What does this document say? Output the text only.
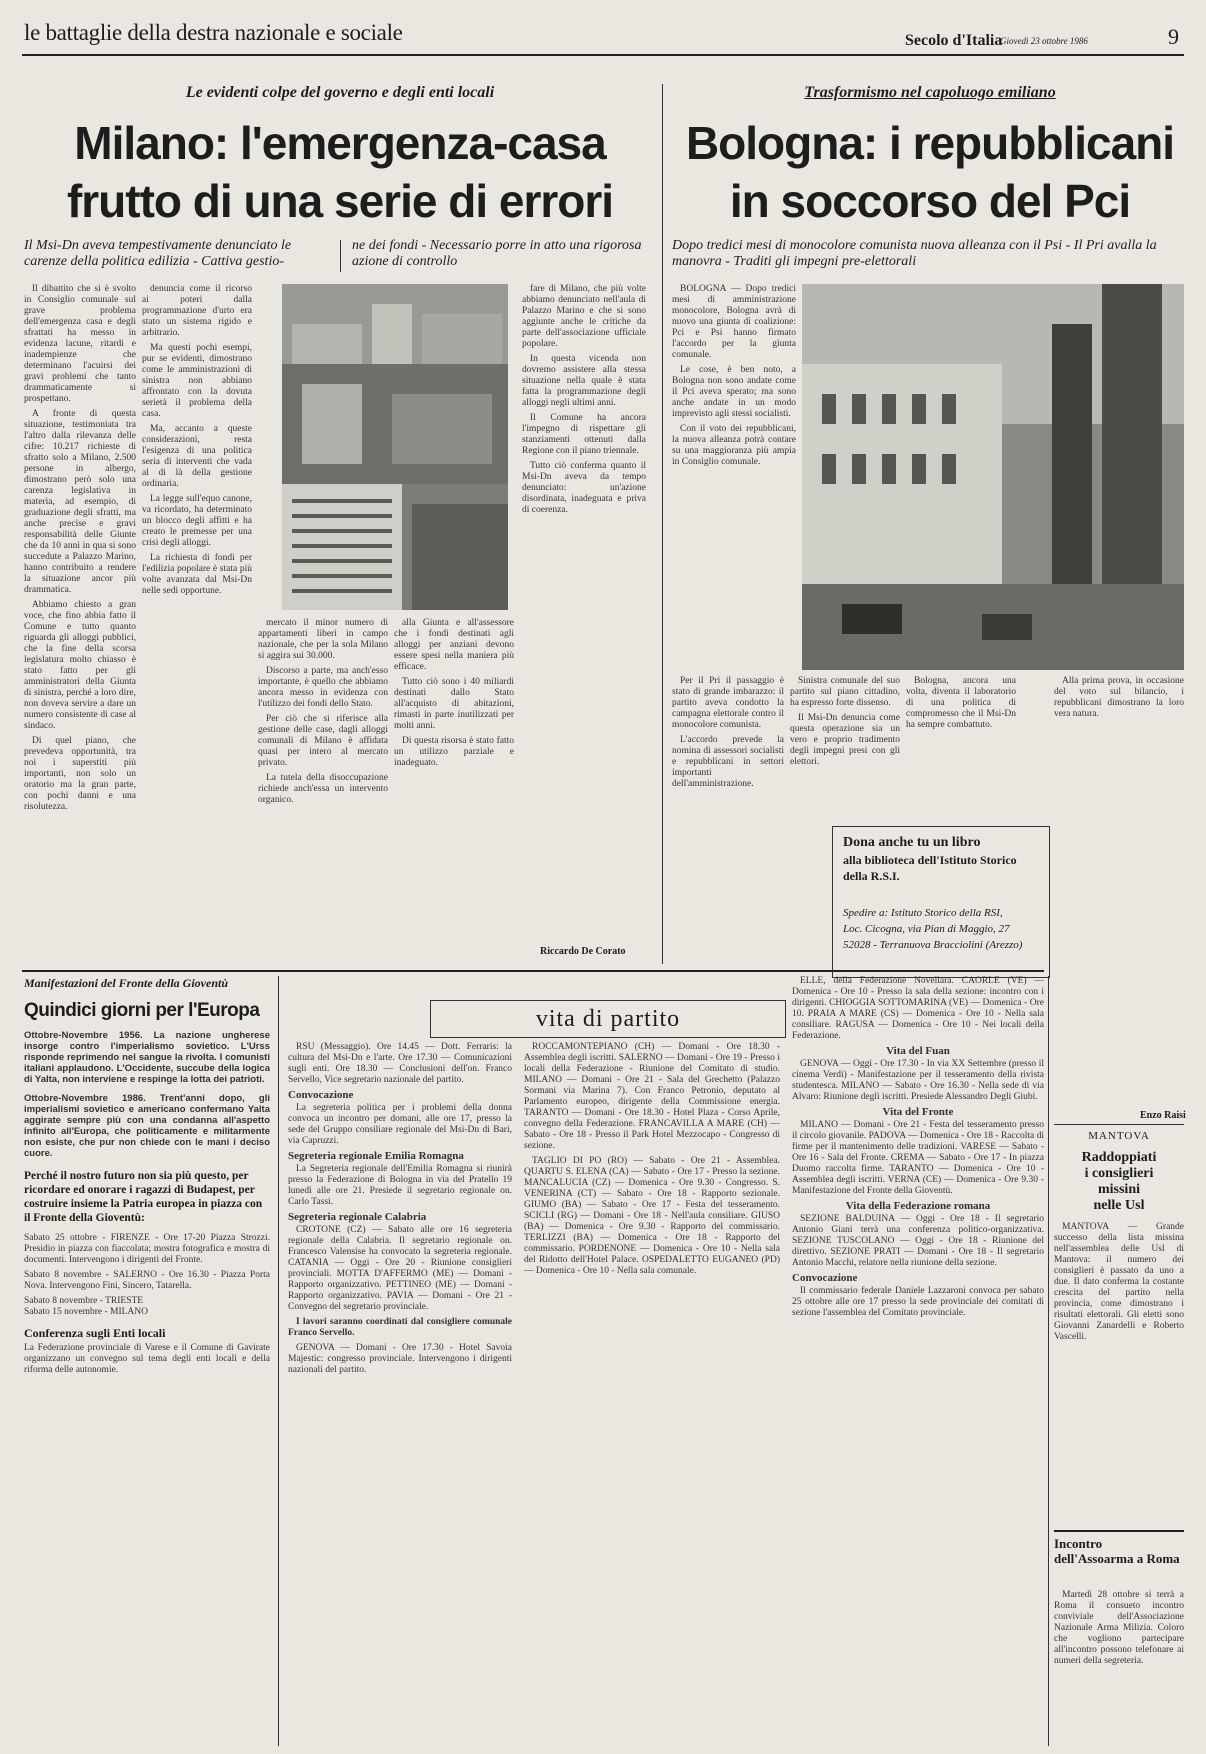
le battaglie della destra nazionale e sociale	Secolo d'Italia
Giovedì 23 ottobre 1986	9
Le evidenti colpe del governo e degli enti locali
Milano: l'emergenza-casa
frutto di una serie di errori
Il Msi-Dn aveva tempestivamente denunciato le carenze della politica edilizia - Cattiva gestio-
ne dei fondi - Necessario porre in atto una rigorosa azione di controllo

Il dibattito che si è svolto in Consiglio comunale sul grave problema dell'emergenza casa e degli sfrattati ha messo in evidenza lacune, ritardi e inadempienze che determinano l'acuirsi dei gravi problemi che tanto drammaticamente si prospettano.

A fronte di questa situazione, testimoniata tra l'altro dalla rilevanza delle cifre: 10.217 richieste di sfratto solo a Milano, 2.500 persone in albergo, dimostrano però solo una carenza legislativa in materia, ad esempio, di graduazione degli sfratti, ma anche precise e gravi responsabilità delle Giunte che da 10 anni in qua si sono succedute a Palazzo Marino, hanno contribuito a rendere la situazione ancor più drammatica.

Abbiamo chiesto a gran voce, che fino abbia fatto il Comune e tutto quanto riguarda gli alloggi pubblici, che la fine della scorsa legislatura molto chiasso è stato fatto per gli amministratori della Giunta di sinistra, perché a loro dire, non doveva servire a dare un numero consistente di case al sindaco.

Di quel piano, che prevedeva opportunità, tra noi i superstiti più importanti, non solo un oratorio ma la gran parte, con pochi danni e una risolutezza.

denuncia come il ricorso ai poteri dalla programmazione d'urto era stato un sistema rigido e arbitrario.

Ma questi pochi esempi, pur se evidenti, dimostrano come le amministrazioni di sinistra non abbiano affrontato con la dovuta serietà il problema della casa.

Ma, accanto a queste considerazioni, resta l'esigenza di una politica seria di interventi che vada al di là della gestione ordinaria.

La legge sull'equo canone, va ricordato, ha determinato un blocco degli affitti e ha creato le premesse per una crisi degli alloggi.

La richiesta di fondi per l'edilizia popolare è stata più volte avanzata dal Msi-Dn nelle sedi opportune.

mercato il minor numero di appartamenti liberi in campo nazionale, che per la sola Milano si aggira sui 30.000.

Discorso a parte, ma anch'esso importante, è quello che abbiamo ancora messo in evidenza con l'utilizzo dei fondi dello Stato.

Per ciò che si riferisce alla gestione delle case, dagli alloggi comunali di Milano è affidata quasi per intero al mercato privato.

La tutela della disoccupazione richiede anch'essa un intervento organico.

alla Giunta e all'assessore che i fondi destinati agli alloggi per anziani devono essere spesi nella maniera più efficace.

Tutto ciò sono i 40 miliardi destinati dallo Stato all'acquisto di abitazioni, rimasti in parte inutilizzati per molti anni.

Di questa risorsa è stato fatto un utilizzo parziale e inadeguato.

fare di Milano, che più volte abbiamo denunciato nell'aula di Palazzo Marino e che si sono aggiunte anche le critiche da parte dell'associazione ufficiale popolare.

In questa vicenda non dovremo assistere alla stessa situazione nella quale è stata fatta la programmazione degli alloggi negli ultimi anni.

Il Comune ha ancora l'impegno di rispettare gli stanziamenti ottenuti dalla Regione con il piano triennale.

Tutto ciò conferma quanto il Msi-Dn aveva da tempo denunciato: un'azione disordinata, inadeguata e priva di coerenza.

Riccardo De Corato
Trasformismo nel capoluogo emiliano
Bologna: i repubblicani
in soccorso del Pci
Dopo tredici mesi di monocolore comunista nuova alleanza con il Psi - Il Pri avalla la manovra - Traditi gli impegni pre-elettorali

BOLOGNA — Dopo tredici mesi di amministrazione monocolore, Bologna avrà di nuovo una giunta di coalizione: Pci e Psi hanno firmato l'accordo per la giunta comunale.

Le cose, è ben noto, a Bologna non sono andate come il Pci aveva sperato; ma sono anche andate in un modo imprevisto agli stessi socialisti.

Con il voto dei repubblicani, la nuova alleanza potrà contare su una maggioranza più ampia in Consiglio comunale.

Per il Pri il passaggio è stato di grande imbarazzo: il partito aveva condotto la campagna elettorale contro il monocolore comunista.

L'accordo prevede la nomina di assessori socialisti e repubblicani in settori importanti dell'amministrazione.

Sinistra comunale del suo partito sul piano cittadino, ha espresso forte dissenso.

Il Msi-Dn denuncia come questa operazione sia un vero e proprio tradimento degli impegni presi con gli elettori.

Bologna, ancora una volta, diventa il laboratorio di una politica di compromesso che il Msi-Dn ha sempre combattuto.

Alla prima prova, in occasione del voto sul bilancio, i repubblicani dimostrano la loro vera natura.

Enzo Raisi
Dona anche tu un libro
alla biblioteca dell'Istituto Storico
della R.S.I.
Spedire a: Istituto Storico della RSI,
Loc. Cicogna, via Pian di Maggio, 27
52028 - Terranuova Bracciolini (Arezzo)
Manifestazioni del Fronte della Gioventù
Quindici giorni per l'Europa
Ottobre-Novembre 1956. La nazione ungherese insorge contro l'imperialismo sovietico. L'Urss risponde reprimendo nel sangue la rivolta. I comunisti italiani applaudono. L'Occidente, succube della logica di Yalta, non interviene e respinge la lotta dei patrioti.
Ottobre-Novembre 1986. Trent'anni dopo, gli imperialismi sovietico e americano confermano Yalta aggirate sempre più con una condanna all'aspetto infinito all'Europa, che politicamente e militarmente non esiste, che pur non chiede con le mani i deciso cuore.
Perché il nostro futuro non sia più questo, per ricordare ed onorare i ragazzi di Budapest, per costruire insieme la Patria europea in piazza con il Fronte della Gioventù:
Sabato 25 ottobre - FIRENZE - Ore 17-20 Piazza Strozzi. Presidio in piazza con fiaccolata; mostra fotografica e mostra di documenti. Intervengono i dirigenti del Fronte.
Sabato 8 novembre - SALERNO - Ore 16.30 - Piazza Porta Nova. Intervengono Fini, Sincero, Tatarella.
Sabato 8 novembre - TRIESTE
Sabato 15 novembre - MILANO
Conferenza sugli Enti locali
La Federazione provinciale di Varese e il Comune di Gavirate organizzano un convegno sul tema degli enti locali e della riforma delle autonomie.
vita di partito

RSU (Messaggio). Ore 14.45 — Dott. Ferraris: la cultura del Msi-Dn e l'arte. Ore 17.30 — Comunicazioni sugli enti. Ore 18.30 — Conclusioni dell'on. Franco Servello, Vice segretario nazionale del partito.

Convocazione

La segreteria politica per i problemi della donna convoca un incontro per domani, alle ore 17, presso la sede del Gruppo consiliare regionale del Msi-Dn di Bari, via Capruzzi.

Segreteria regionale Emilia Romagna

La Segreteria regionale dell'Emilia Romagna si riunirà presso la Federazione di Bologna in via del Pratello 19 lunedì alle ore 21. Presiede il segretario regionale on. Carlo Tassi.

Segreteria regionale Calabria

CROTONE (CZ) — Sabato alle ore 16 segreteria regionale della Calabria. Il segretario regionale on. Francesco Valensise ha convocato la segreteria regionale. CATANIA — Oggi - Ore 20 - Riunione consiglieri provinciali. MOTTA D'AFFERMO (ME) — Domani - Rapporto organizzativo. PETTINEO (ME) — Domani - Rapporto organizzativo. PAVIA — Domani - Ore 21 - Convegno del segretario provinciale.

I lavori saranno coordinati dal consigliere comunale Franco Servello.

GENOVA — Domani - Ore 17.30 - Hotel Savoia Majestic: congresso provinciale. Intervengono i dirigenti nazionali del partito.

ROCCAMONTEPIANO (CH) — Domani - Ore 18.30 - Assemblea degli iscritti. SALERNO — Domani - Ore 19 - Presso i locali della Federazione - Riunione del Comitato di studio. MILANO — Domani - Ore 21 - Sala del Grechetto (Palazzo Sormani via Marina 7). Con Franco Petronio, deputato al Parlamento europeo, dirigente della Commissione energia. TARANTO — Domani - Ore 18.30 - Hotel Plaza - Corso Aprile, convegno della Federazione. FRANCAVILLA A MARE (CH) — Sabato - Ore 18 - Presso il Park Hotel Mezzocapo - Congresso di sezione.

TAGLIO DI PO (RO) — Sabato - Ore 21 - Assemblea. QUARTU S. ELENA (CA) — Sabato - Ore 17 - Presso la sezione. MANCALUCIA (CZ) — Domenica - Ore 9.30 - Congresso. S. VENERINA (CT) — Sabato - Ore 18 - Rapporto sezionale. GIUMO (BA) — Sabato - Ore 17 - Festa del tesseramento. SCICLI (RG) — Domani - Ore 18 - Nell'aula consiliare. GIUSO (BA) — Domenica - Ore 9.30 - Rapporto del commissario. TERLIZZI (BA) — Domenica - Ore 18 - Rapporto del commissario. PORDENONE — Domenica - Ore 10 - Nella sala del Ridotto dell'Hotel Palace. OSPEDALETTO EUGANEO (PD) — Domenica - Ore 10 - Nella sala comunale.

ELLE, della Federazione Novellara. CAORLE (VE) — Domenica - Ore 10 - Presso la sala della sezione: incontro con i dirigenti. CHIOGGIA SOTTOMARINA (VE) — Domenica - Ore 10. PRAIA A MARE (CS) — Domenica - Ore 10 - Nella sala consiliare. RAGUSA — Domenica - Ore 10 - Nei locali della Federazione.

Vita del Fuan

GENOVA — Oggi - Ore 17.30 - In via XX Settembre (presso il cinema Verdi) - Manifestazione per il tesseramento della rivista studentesca. MILANO — Sabato - Ore 16.30 - Nella sede di via Alvaro: Riunione degli iscritti. Presiede Alessandro Degli Giubi.

Vita del Fronte

MILANO — Domani - Ore 21 - Festa del tesseramento presso il circolo giovanile. PADOVA — Domenica - Ore 18 - Raccolta di firme per il mantenimento delle tradizioni. VARESE — Sabato - Ore 16 - Sala del Fronte. CREMA — Sabato - Ore 17 - In piazza Duomo raccolta firme. TARANTO — Domenica - Ore 10 - Assemblea degli iscritti. VERNA (CE) — Domenica - Ore 9.30 - Manifestazione del Fronte della Gioventù.

Vita della Federazione romana

SEZIONE BALDUINA — Oggi - Ore 18 - Il segretario Antonio Giani terrà una conferenza politico-organizzativa. SEZIONE TUSCOLANO — Oggi - Ore 18 - Riunione del direttivo. SEZIONE PRATI — Domani - Ore 18 - Il segretario Antonio Macchi, relatore nella riunione della sezione.

Convocazione

Il commissario federale Daniele Lazzaroni convoca per sabato 25 ottobre alle ore 17 presso la sede provinciale dei comitati di sezione l'assemblea del Comitato provinciale.

MANTOVA
Raddoppiati
i consiglieri
missini
nelle Usl

MANTOVA — Grande successo della lista missina nell'assemblea delle Usl di Mantova: il numero dei consiglieri è passato da uno a due. Il dato conferma la costante crescita del partito nella provincia, come dimostrano i risultati elettorali. Gli eletti sono Giovanni Zanardelli e Roberto Vascelli.

Incontro dell'Assoarma a Roma

Martedì 28 ottobre si terrà a Roma il consueto incontro conviviale dell'Associazione Nazionale Arma Milizia. Coloro che vogliono partecipare all'incontro possono telefonare ai numeri della segreteria.
